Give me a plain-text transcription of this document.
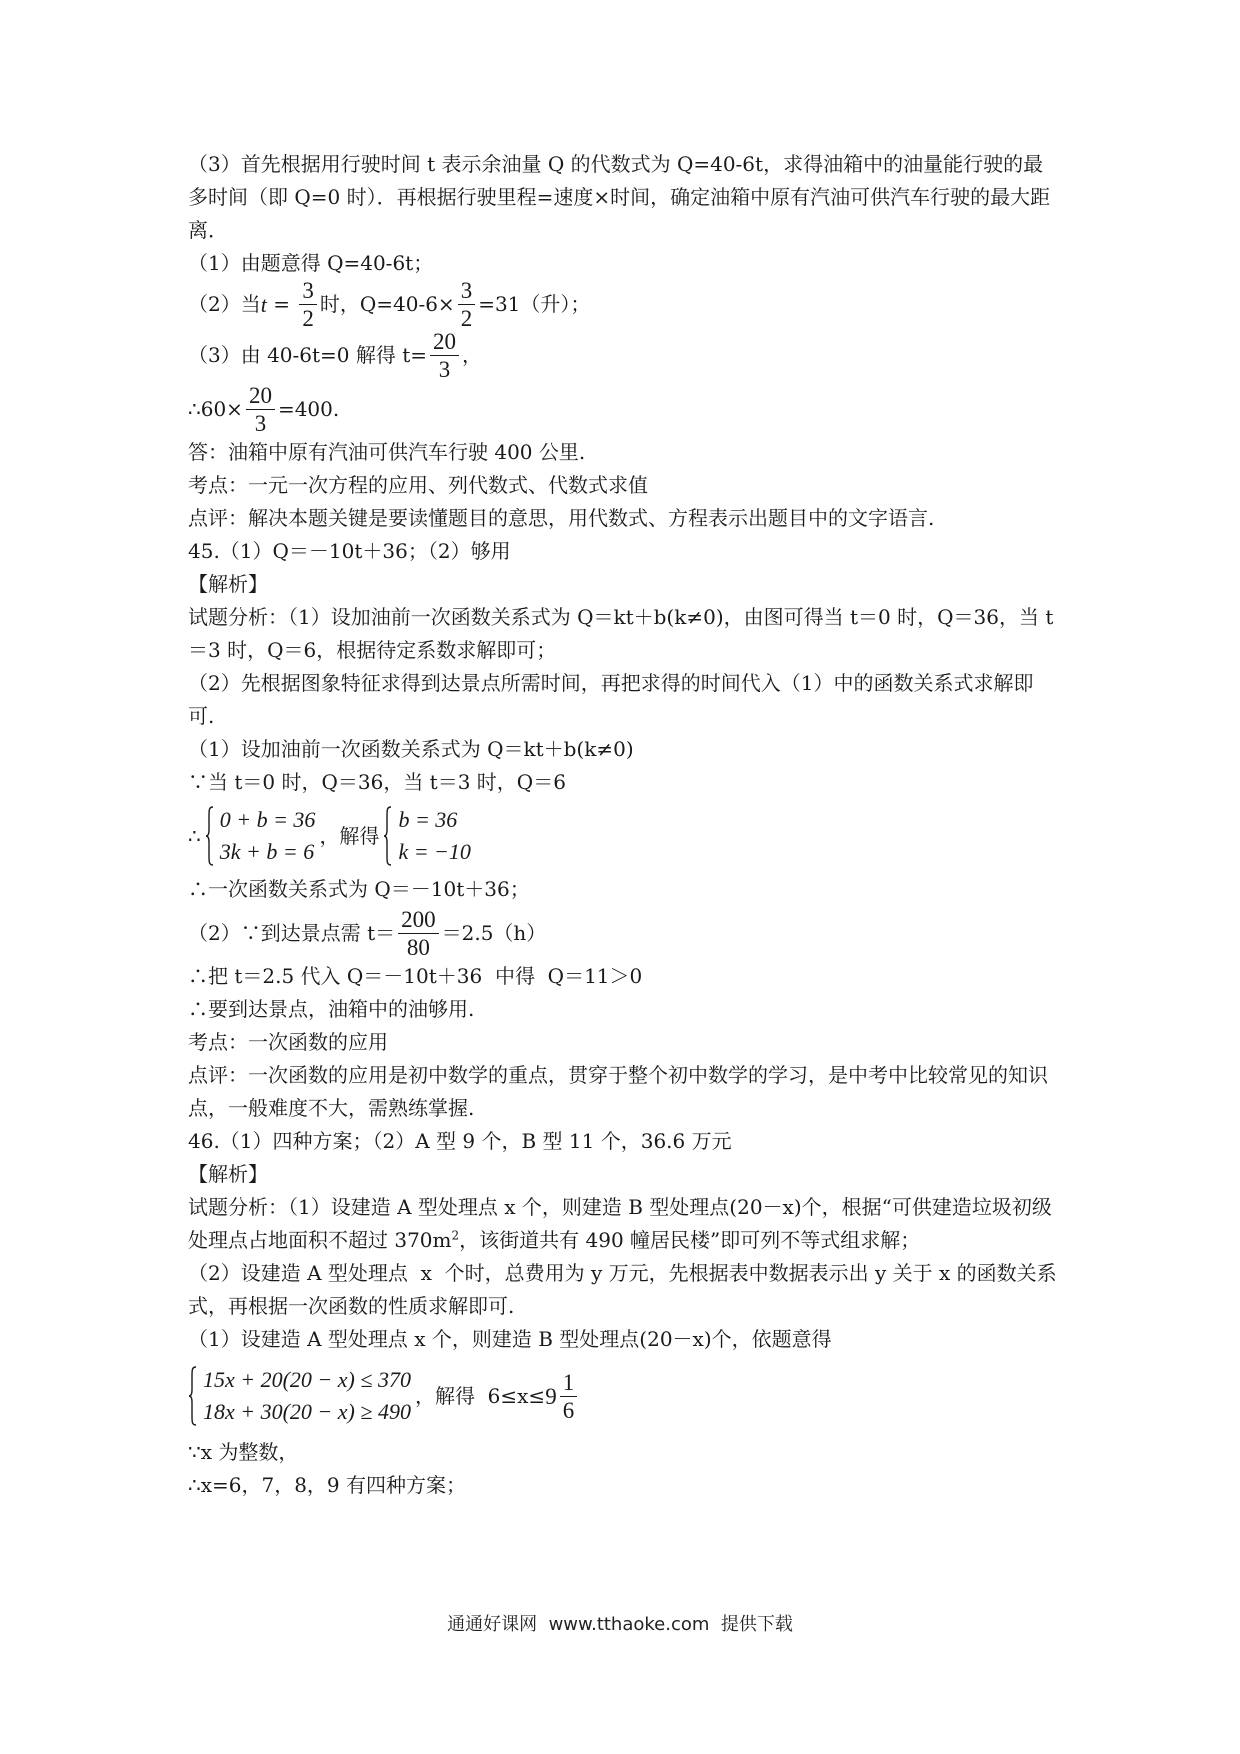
（3）首先根据用行驶时间 t 表示余油量 Q 的代数式为 Q=40-6t，求得油箱中的油量能行驶的最多时间（即 Q=0 时）．再根据行驶里程=速度×时间，确定油箱中原有汽油可供汽车行驶的最大距离．
（1）由题意得 Q=40-6t；
（2）当 $t = \frac{3}{2}$ 时，$Q=40-6\times \frac{3}{2} =31$（升）；
（3）由 40-6t=0 解得 $t= \frac{20}{3}$ ，
∴60× $\frac{20}{3} =400$.
答：油箱中原有汽油可供汽车行驶 400 公里.
考点：一元一次方程的应用、列代数式、代数式求值
点评：解决本题关键是要读懂题目的意思，用代数式、方程表示出题目中的文字语言.
45.（1）Q＝－10t＋36；（2）够用
【解析】
试题分析：（1）设加油前一次函数关系式为 Q＝kt＋b(k≠0)，由图可得当 t＝0 时，Q＝36，当 t＝3 时，Q＝6，根据待定系数求解即可；
（2）先根据图象特征求得到达景点所需时间，再把求得的时间代入（1）中的函数关系式求解即可.
（1）设加油前一次函数关系式为 Q＝kt＋b(k≠0)
∵当 t＝0 时，Q＝36，当 t＝3 时，Q＝6
∴
0 + b = 36
3k + b = 6
，解得
b = 36
k = −10
∴一次函数关系式为 Q＝－10t＋36；
（2）∵到达景点需 $t= \frac{200}{80} =2.5(h)$
∴把 t＝2.5 代入 Q＝－10t＋36  中得  Q＝11＞0
∴要到达景点，油箱中的油够用.
考点：一次函数的应用
点评：一次函数的应用是初中数学的重点，贯穿于整个初中数学的学习，是中考中比较常见的知识点，一般难度不大，需熟练掌握.
46.（1）四种方案；（2）A 型 9 个，B 型 11 个，36.6 万元
【解析】
试题分析：（1）设建造 A 型处理点 x 个，则建造 B 型处理点(20－x)个，根据“可供建造垃圾初级处理点占地面积不超过 $370m^2$，该街道共有 490 幢居民楼”即可列不等式组求解；
（2）设建造 A 型处理点  x  个时，总费用为 y 万元，先根据表中数据表示出 y 关于 x 的函数关系式，再根据一次函数的性质求解即可.
（1）设建造 A 型处理点 x 个，则建造 B 型处理点(20－x)个，依题意得
15x + 20(20 − x) ≤ 370
18x + 30(20 − x) ≥ 490
，解得  $6\le x\le 9 \frac{1}{6}$
∵x 为整数，
∴x=6，7，8，9 有四种方案；
通通好课网 www.tthaoke.com 提供下载
